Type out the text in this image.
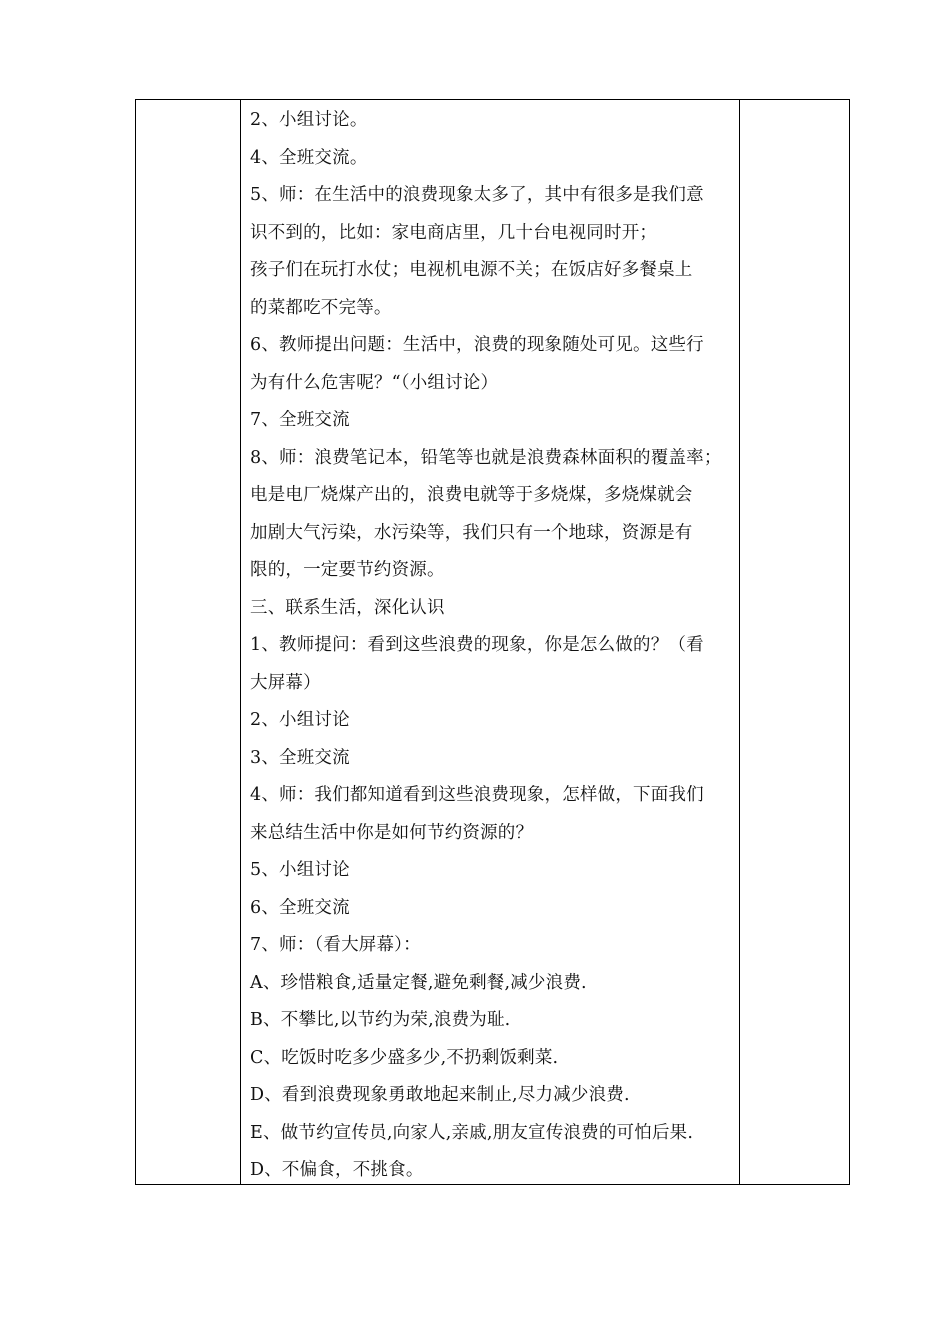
2、小组讨论。
4、全班交流。
5、师：在生活中的浪费现象太多了，其中有很多是我们意
识不到的，比如：家电商店里，几十台电视同时开；
孩子们在玩打水仗；电视机电源不关；在饭店好多餐桌上
的菜都吃不完等。
6、教师提出问题：生活中，浪费的现象随处可见。这些行
为有什么危害呢？“（小组讨论）
7、全班交流
8、师：浪费笔记本，铅笔等也就是浪费森林面积的覆盖率；
电是电厂烧煤产出的，浪费电就等于多烧煤，多烧煤就会
加剧大气污染，水污染等，我们只有一个地球，资源是有
限的，一定要节约资源。
三、联系生活，深化认识
1、教师提问：看到这些浪费的现象，你是怎么做的？（看
大屏幕）
2、小组讨论
3、全班交流
4、师：我们都知道看到这些浪费现象，怎样做，下面我们
来总结生活中你是如何节约资源的？
5、小组讨论
6、全班交流
7、师：（看大屏幕）：
A、珍惜粮食,适量定餐,避免剩餐,减少浪费.
B、不攀比,以节约为荣,浪费为耻.
C、吃饭时吃多少盛多少,不扔剩饭剩菜.
D、看到浪费现象勇敢地起来制止,尽力减少浪费.
E、做节约宣传员,向家人,亲戚,朋友宣传浪费的可怕后果.
D、不偏食，不挑食。
